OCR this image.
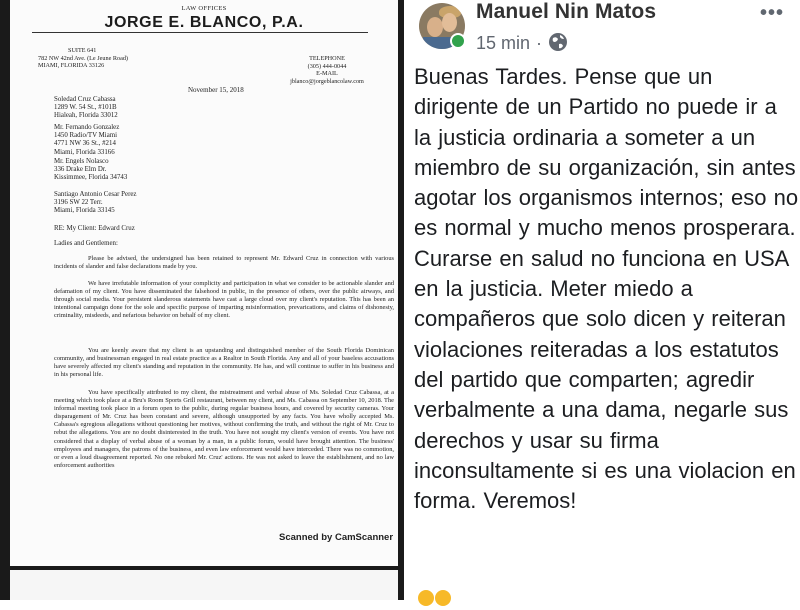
LAW OFFICES
JORGE E. BLANCO, P.A.
SUITE 641
782 NW 42nd Ave. (Le Jeune Road)
MIAMI, FLORIDA 33126
TELEPHONE
(305) 444-0044
E-MAIL
jblanco@jorgeblancolaw.com
November 15, 2018
Soledad Cruz Cabassa
1289 W. 54 St., #101B
Hialeah, Florida 33012
Mr. Fernando Gonzalez
1450 Radio/TV Miami
4771 NW 36 St., #214
Miami, Florida 33166
Mr. Engels Nolasco
336 Drake Elm Dr.
Kissimmee, Florida 34743
Santiago Antonio Cesar Perez
3196 SW 22 Terr.
Miami, Florida 33145
RE: My Client: Edward Cruz
Ladies and Gentlemen:
Please be advised, the undersigned has been retained to represent Mr. Edward Cruz in connection with various incidents of slander and false declarations made by you.
We have irrefutable information of your complicity and participation in what we consider to be actionable slander and defamation of my client. You have disseminated the falsehood in public, in the presence of others, over the public airways, and through social media. Your persistent slanderous statements have cast a large cloud over my client's reputation. This has been an intentional campaign done for the sole and specific purpose of imparting misinformation, prevarications, and claims of dishonesty, criminality, misdeeds, and nefarious behavior on behalf of my client.
You are keenly aware that my client is an upstanding and distinguished member of the South Florida Dominican community, and businessman engaged in real estate practice as a Realtor in South Florida. Any and all of your baseless accusations have severely affected my client's standing and reputation in the community. He has, and will continue to suffer in his business and in his personal life.
You have specifically attributed to my client, the mistreatment and verbal abuse of Ms. Soledad Cruz Cabassa, at a meeting which took place at a Bru's Room Sports Grill restaurant, between my client, and Ms. Cabassa on September 10, 2018. The informal meeting took place in a forum open to the public, during regular business hours, and covered by security cameras. Your disparagement of Mr. Cruz has been constant and severe, although unsupported by any facts. You have wholly accepted Ms. Cabassa's egregious allegations without questioning her motives, without confirming the truth, and without the right of Mr. Cruz to rebut the allegations. You are no doubt disinterested in the truth. You have not sought my client's version of events. You have not considered that a display of verbal abuse of a woman by a man, in a public forum, would have brought attention. The business' employees and managers, the patrons of the business, and even law enforcement would have interceded. There was no commotion, or even a loud disagreement reported. No one rebuked Mr. Cruz' actions. He was not asked to leave the establishment, and no law enforcement authorities
Scanned by CamScanner
Manuel Nin Matos
15 min ·
•••
Buenas Tardes. Pense que un dirigente de un Partido no puede ir a la justicia ordinaria a someter a un miembro de su organización, sin antes agotar los organismos internos; eso no es normal y mucho menos prosperara. Curarse en salud no funciona en USA en la justicia. Meter miedo a compañeros que solo dicen y reiteran violaciones reiteradas a los estatutos del partido que comparten; agredir verbalmente a una dama, negarle sus derechos y usar su firma inconsultamente si es una violacion en forma. Veremos!
